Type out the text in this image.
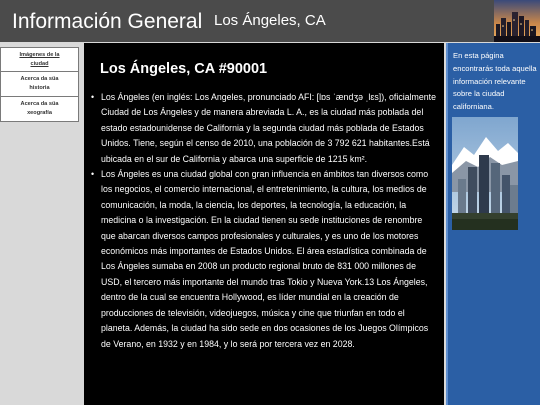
Información General Los Ángeles, CA
Imágenes de la
ciudad
Acerca da süa
historia
Acerca da süa
xeografía
Los Ángeles, CA #90001
• Los Ángeles (en inglés: Los Angeles, pronunciado AFI: [lɒs ˈændʒə ˌlɛs]), oficialmente Ciudad de Los Ángeles y de manera abreviada L. A., es la ciudad más poblada del estado estadounidense de California y la segunda ciudad más poblada de Estados Unidos. Tiene, según el censo de 2010, una población de 3 792 621 habitantes.Está ubicada en el sur de California y abarca una superficie de 1215 km².
• Los Ángeles es una ciudad global con gran influencia en ámbitos tan diversos como los negocios, el comercio internacional, el entretenimiento, la cultura, los medios de comunicación, la moda, la ciencia, los deportes, la tecnología, la educación, la medicina o la investigación. En la ciudad tienen su sede instituciones de renombre que abarcan diversos campos profesionales y culturales, y es uno de los motores económicos más importantes de Estados Unidos. El área estadística combinada de Los Ángeles sumaba en 2008 un producto regional bruto de 831 000 millones de USD, el tercero más importante del mundo tras Tokio y Nueva York.13 Los Ángeles, dentro de la cual se encuentra Hollywood, es líder mundial en la creación de producciones de televisión, videojuegos, música y cine que triunfan en todo el planeta. Además, la ciudad ha sido sede en dos ocasiones de los Juegos Olímpicos de Verano, en 1932 y en 1984, y lo será por tercera vez en 2028.

En esta página encontrarás toda aquella información relevante sobre la ciudad californiana.
